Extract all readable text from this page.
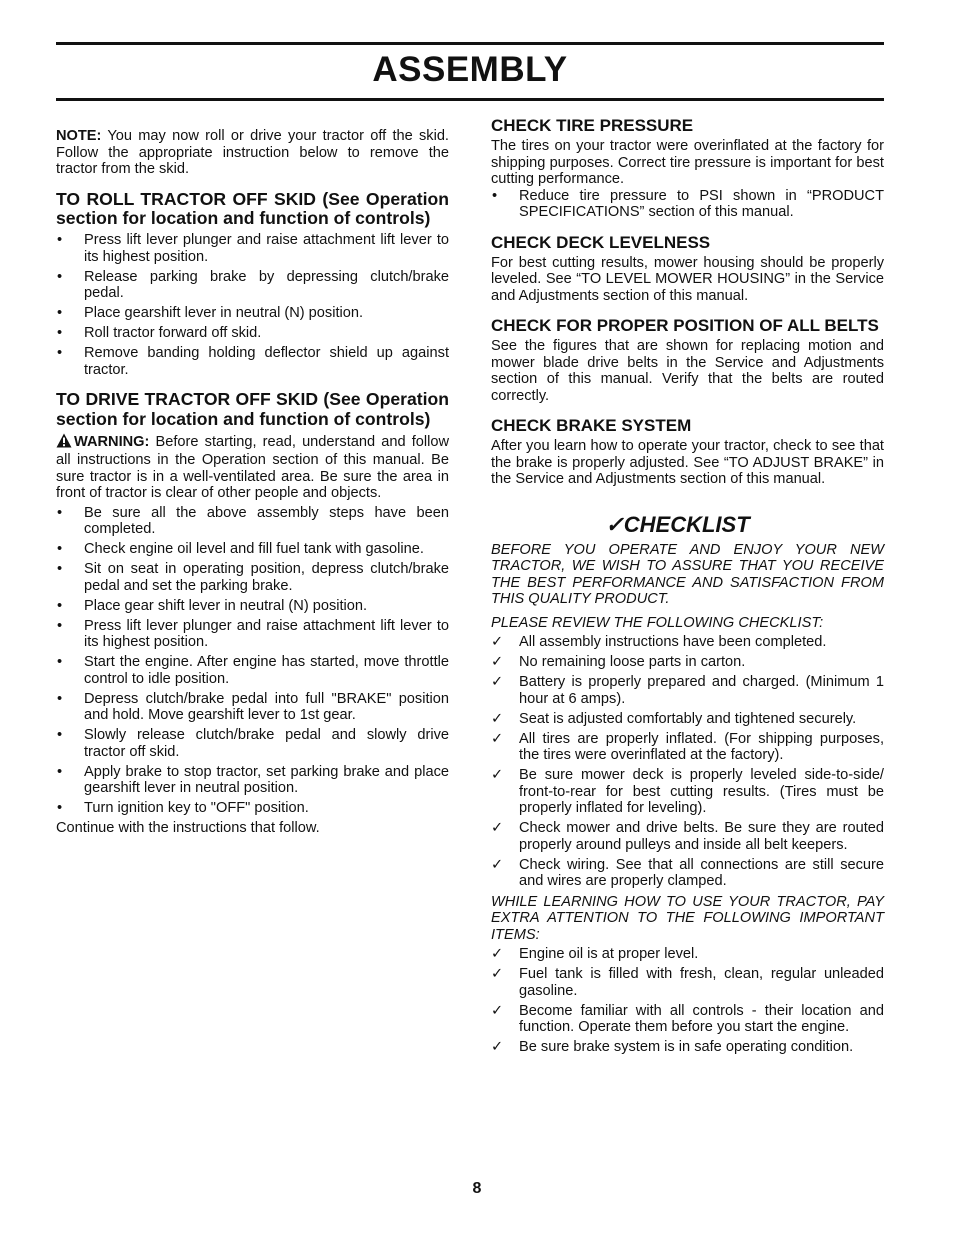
ASSEMBLY

NOTE: You may now roll or drive your tractor off the skid. Follow the appropriate instruction below to remove the tractor from the skid.

TO ROLL TRACTOR OFF SKID (See Operation section for location and function of controls)
• Press lift lever plunger and raise attachment lift lever to its highest position.
• Release parking brake by depressing clutch/brake pedal.
• Place gearshift lever in neutral (N) position.
• Roll tractor forward off skid.
• Remove banding holding deflector shield up against tractor.
TO DRIVE TRACTOR OFF SKID (See Operation section for location and function of controls)

WARNING: Before starting, read, understand and follow all instructions in the Operation section of this manual. Be sure tractor is in a well-ventilated area. Be sure the area in front of tractor is clear of other people and objects.

• Be sure all the above assembly steps have been completed.
• Check engine oil level and fill fuel tank with gasoline.
• Sit on seat in operating position, depress clutch/brake pedal and set the parking brake.
• Place gear shift lever in neutral (N) position.
• Press lift lever plunger and raise attachment lift lever to its highest position.
• Start the engine. After engine has started, move throttle control to idle position.
• Depress clutch/brake pedal into full "BRAKE" position and hold. Move gearshift lever to 1st gear.
• Slowly release clutch/brake pedal and slowly drive tractor off skid.
• Apply brake to stop tractor, set parking brake and place gearshift lever in neutral position.
• Turn ignition key to "OFF" position.

Continue with the instructions that follow.

CHECK TIRE PRESSURE

The tires on your tractor were overinflated at the factory for shipping purposes. Correct tire pressure is important for best cutting performance.

• Reduce tire pressure to PSI shown in “PRODUCT SPECIFICATIONS” section of this manual.
CHECK DECK LEVELNESS

For best cutting results, mower housing should be properly leveled. See “TO LEVEL MOWER HOUSING” in the Service and Adjustments section of this manual.

CHECK FOR PROPER POSITION OF ALL BELTS

See the figures that are shown for replacing motion and mower blade drive belts in the Service and Adjustments section of this manual. Verify that the belts are routed correctly.

CHECK BRAKE SYSTEM

After you learn how to operate your tractor, check to see that the brake is properly adjusted. See “TO ADJUST BRAKE” in the Service and Adjustments section of this manual.

✓CHECKLIST

BEFORE YOU OPERATE AND ENJOY YOUR NEW TRACTOR, WE WISH TO ASSURE THAT YOU RECEIVE THE BEST PERFORMANCE AND SATISFACTION FROM THIS QUALITY PRODUCT.

PLEASE REVIEW THE FOLLOWING CHECKLIST:

✓ All assembly instructions have been completed.
✓ No remaining loose parts in carton.
✓ Battery is properly prepared and charged. (Minimum 1 hour at 6 amps).
✓ Seat is adjusted comfortably and tightened securely.
✓ All tires are properly inflated. (For shipping purposes, the tires were overinflated at the factory).
✓ Be sure mower deck is properly leveled side-to-side/ front-to-rear for best cutting results. (Tires must be properly inflated for leveling).
✓ Check mower and drive belts. Be sure they are routed properly around pulleys and inside all belt keepers.
✓ Check wiring. See that all connections are still secure and wires are properly clamped.

WHILE LEARNING HOW TO USE YOUR TRACTOR, PAY EXTRA ATTENTION TO THE FOLLOWING IMPORTANT ITEMS:

✓ Engine oil is at proper level.
✓ Fuel tank is filled with fresh, clean, regular unleaded gasoline.
✓ Become familiar with all controls - their location and function. Operate them before you start the engine.
✓ Be sure brake system is in safe operating condition.
8
